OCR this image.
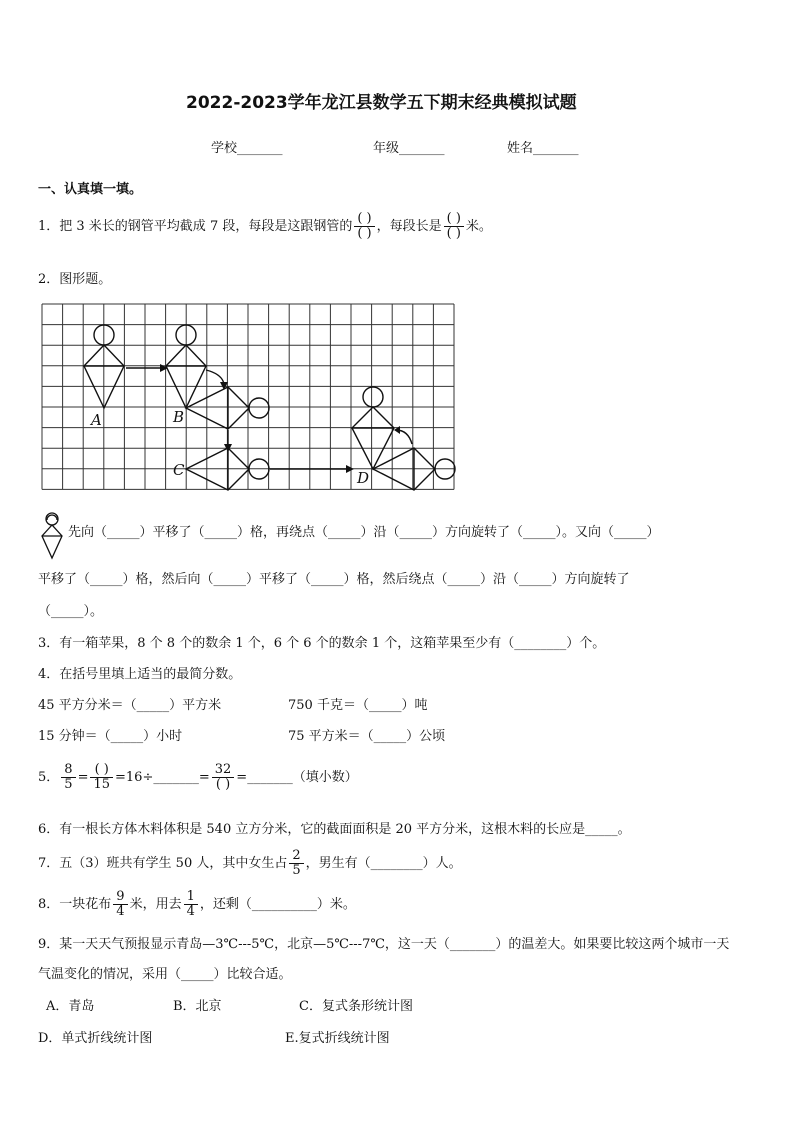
2022-2023学年龙江县数学五下期末经典模拟试题
学校_______	年级_______	姓名_______
一、认真填一填。
1．把 3 米长的钢管平均截成 7 段，每段是这跟钢管的 $\frac{( )}{( )}$ ，每段长是 $\frac{( )}{( )}$ 米。
2．图形题。
A	B
C	D
先向（_____）平移了（_____）格，再绕点（_____）沿（_____）方向旋转了（_____）。又向（_____）
平移了（_____）格，然后向（_____）平移了（_____）格，然后绕点（_____）沿（_____）方向旋转了
（_____）。
3．有一箱苹果，8 个 8 个的数余 1 个，6 个 6 个的数余 1 个，这箱苹果至少有（________）个。
4．在括号里填上适当的最简分数。
45 平方分米＝（_____）平方米	750 千克＝（_____）吨
15 分钟＝（_____）小时	75 平方米＝（_____）公顷
5． $\frac{8}{5} = \frac{( )}{15}$ =16÷_______= $\frac{32}{( )}$ =_______（填小数）
6．有一根长方体木料体积是 540 立方分米，它的截面面积是 20 平方分米，这根木料的长应是_____。
7．五（3）班共有学生 50 人，其中女生占 $\frac{2}{5}$ ，男生有（________）人。
8．一块花布 $\frac{9}{4}$ 米，用去 $\frac{1}{4}$ ，还剩（__________）米。
9．某一天天气预报显示青岛—3℃---5℃，北京—5℃---7℃，这一天（_______）的温差大。如果要比较这两个城市一天
气温变化的情况，采用（_____）比较合适。
A．青岛	B．北京	C．复式条形统计图
D．单式折线统计图	E.复式折线统计图
